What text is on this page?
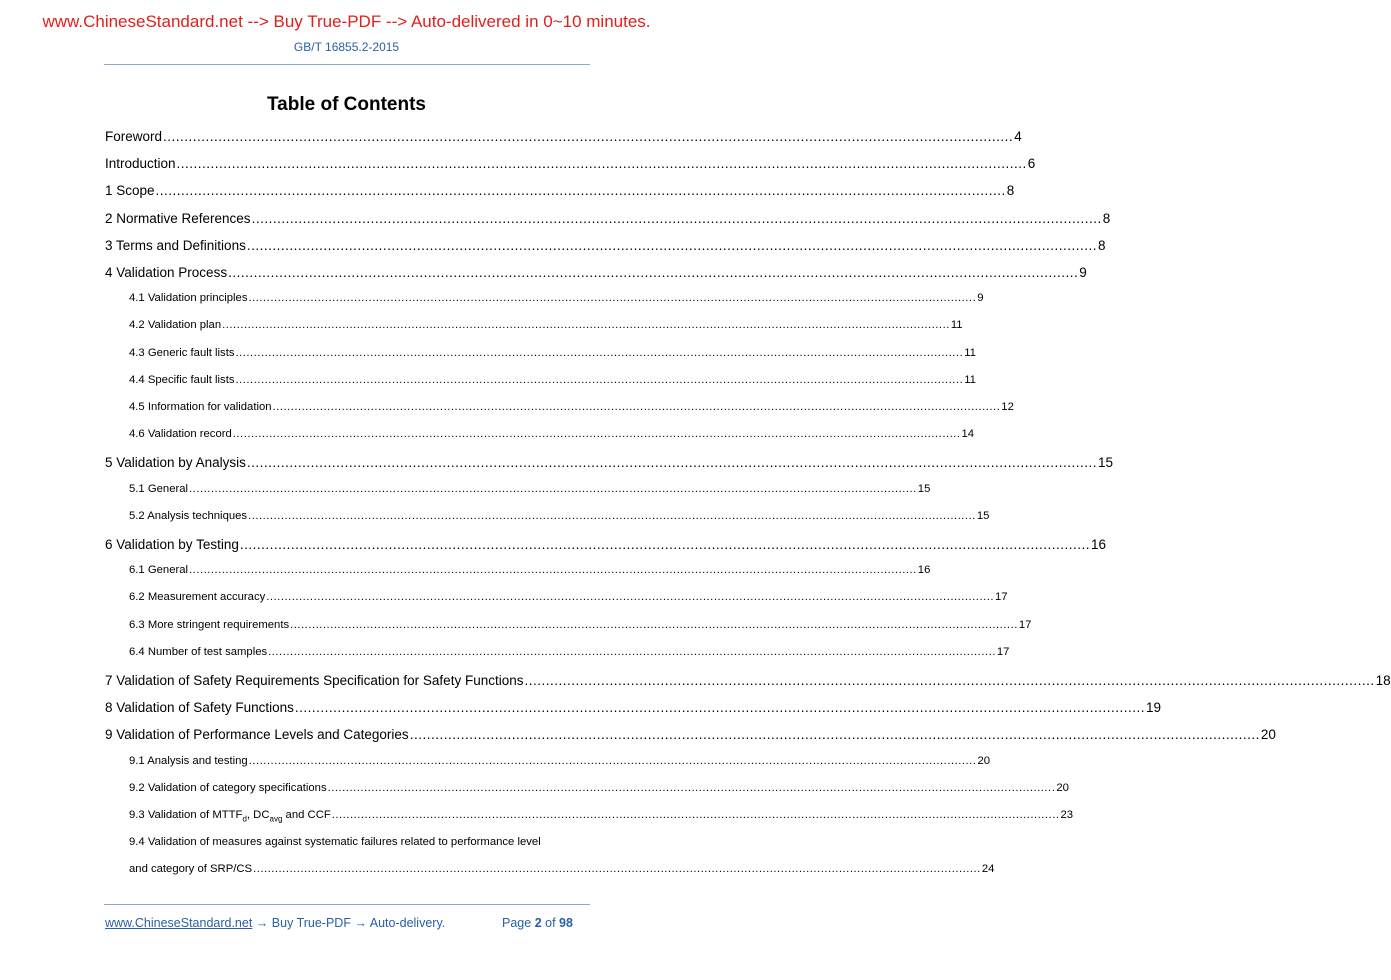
www.ChineseStandard.net --> Buy True-PDF --> Auto-delivered in 0~10 minutes.
GB/T 16855.2-2015
Table of Contents
Foreword ........................................................................................................................................................................................................ 4
Introduction ........................................................................................................................................................................................................ 6
1 Scope ........................................................................................................................................................................................................ 8
2 Normative References ........................................................................................................................................................................................................ 8
3 Terms and Definitions ........................................................................................................................................................................................................ 8
4 Validation Process ........................................................................................................................................................................................................ 9
4.1 Validation principles ........................................................................................................................................................................................................ 9
4.2 Validation plan ........................................................................................................................................................................................................ 11
4.3 Generic fault lists ........................................................................................................................................................................................................ 11
4.4 Specific fault lists ........................................................................................................................................................................................................ 11
4.5 Information for validation ........................................................................................................................................................................................................ 12
4.6 Validation record ........................................................................................................................................................................................................ 14
5 Validation by Analysis ........................................................................................................................................................................................................ 15
5.1 General ........................................................................................................................................................................................................ 15
5.2 Analysis techniques ........................................................................................................................................................................................................ 15
6 Validation by Testing ........................................................................................................................................................................................................ 16
6.1 General ........................................................................................................................................................................................................ 16
6.2 Measurement accuracy ........................................................................................................................................................................................................ 17
6.3 More stringent requirements ........................................................................................................................................................................................................ 17
6.4 Number of test samples ........................................................................................................................................................................................................ 17
7 Validation of Safety Requirements Specification for Safety Functions ........................................................................................................................................................................................................ 18
8 Validation of Safety Functions ........................................................................................................................................................................................................ 19
9 Validation of Performance Levels and Categories ........................................................................................................................................................................................................ 20
9.1 Analysis and testing ........................................................................................................................................................................................................ 20
9.2 Validation of category specifications ........................................................................................................................................................................................................ 20
9.3 Validation of $MTTF_d$, $DC_{avg}$ and CCF ........................................................................................................................................................................................................ 23
9.4 Validation of measures against systematic failures related to performance level
and category of SRP/CS ........................................................................................................................................................................................................ 24
www.ChineseStandard.net → Buy True-PDF → Auto-delivery.	Page 2 of 98
